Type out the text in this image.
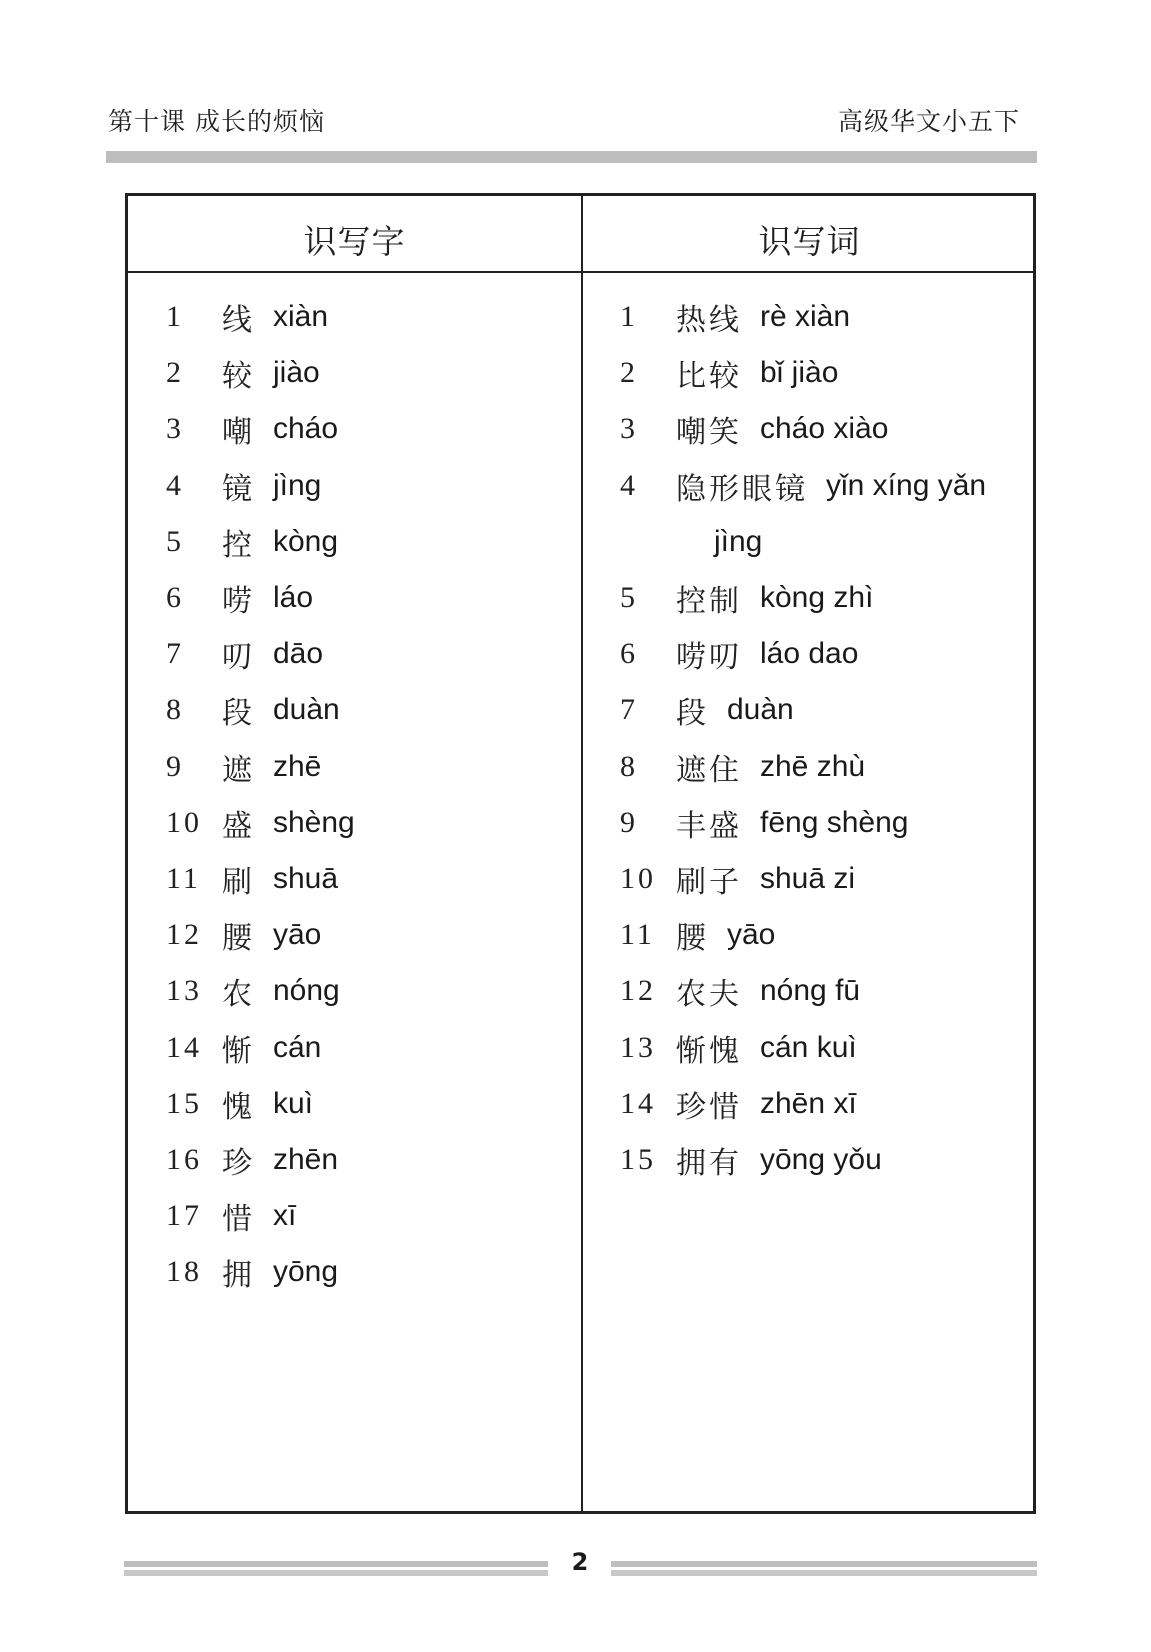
第十课 成长的烦恼	高级华文小五下
识写字	识写词
1	线 xiàn
2	较 jiào
3	嘲 cháo
4	镜 jìng
5	控 kòng
6	唠 láo
7	叨 dāo
8	段 duàn
9	遮 zhē
10 盛 shèng
11 刷 shuā
12 腰 yāo
13 农 nóng
14 惭 cán
15 愧 kuì
16 珍 zhēn
17 惜 xī
18 拥 yōng
1	热线 rè xiàn
2	比较 bǐ jiào
3	嘲笑 cháo xiào
4	隐形眼镜 yǐn xíng yǎn
jìng
5	控制 kòng zhì
6	唠叨 láo dao
7	段 duàn
8	遮住 zhē zhù
9	丰盛 fēng shèng
10 刷子 shuā zi
11 腰 yāo
12 农夫 nóng fū
13 惭愧 cán kuì
14 珍惜 zhēn xī
15 拥有 yōng yǒu
2
